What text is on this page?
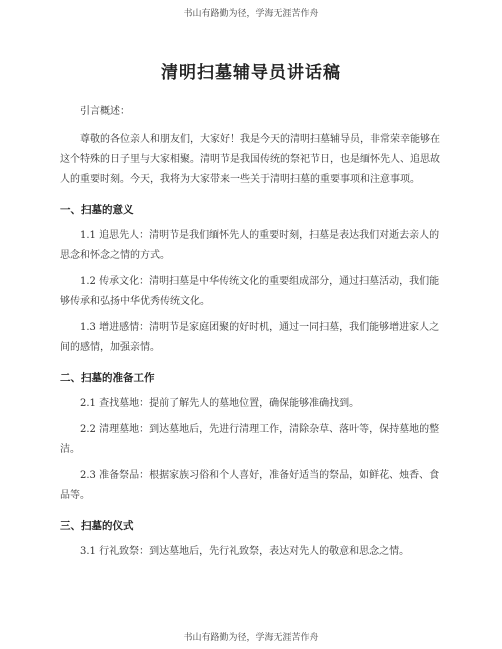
书山有路勤为径，学海无涯苦作舟
清明扫墓辅导员讲话稿

引言概述：

尊敬的各位亲人和朋友们，大家好！我是今天的清明扫墓辅导员，非常荣幸能够在这个特殊的日子里与大家相聚。清明节是我国传统的祭祀节日，也是缅怀先人、追思故人的重要时刻。今天，我将为大家带来一些关于清明扫墓的重要事项和注意事项。

一、扫墓的意义

1.1 追思先人：清明节是我们缅怀先人的重要时刻，扫墓是表达我们对逝去亲人的思念和怀念之情的方式。

1.2 传承文化：清明扫墓是中华传统文化的重要组成部分，通过扫墓活动，我们能够传承和弘扬中华优秀传统文化。

1.3 增进感情：清明节是家庭团聚的好时机，通过一同扫墓，我们能够增进家人之间的感情，加强亲情。

二、扫墓的准备工作

2.1 查找墓地：提前了解先人的墓地位置，确保能够准确找到。

2.2 清理墓地：到达墓地后，先进行清理工作，清除杂草、落叶等，保持墓地的整洁。

2.3 准备祭品：根据家族习俗和个人喜好，准备好适当的祭品，如鲜花、烛香、食品等。

三、扫墓的仪式

3.1 行礼致祭：到达墓地后，先行礼致祭，表达对先人的敬意和思念之情。

书山有路勤为径，学海无涯苦作舟
